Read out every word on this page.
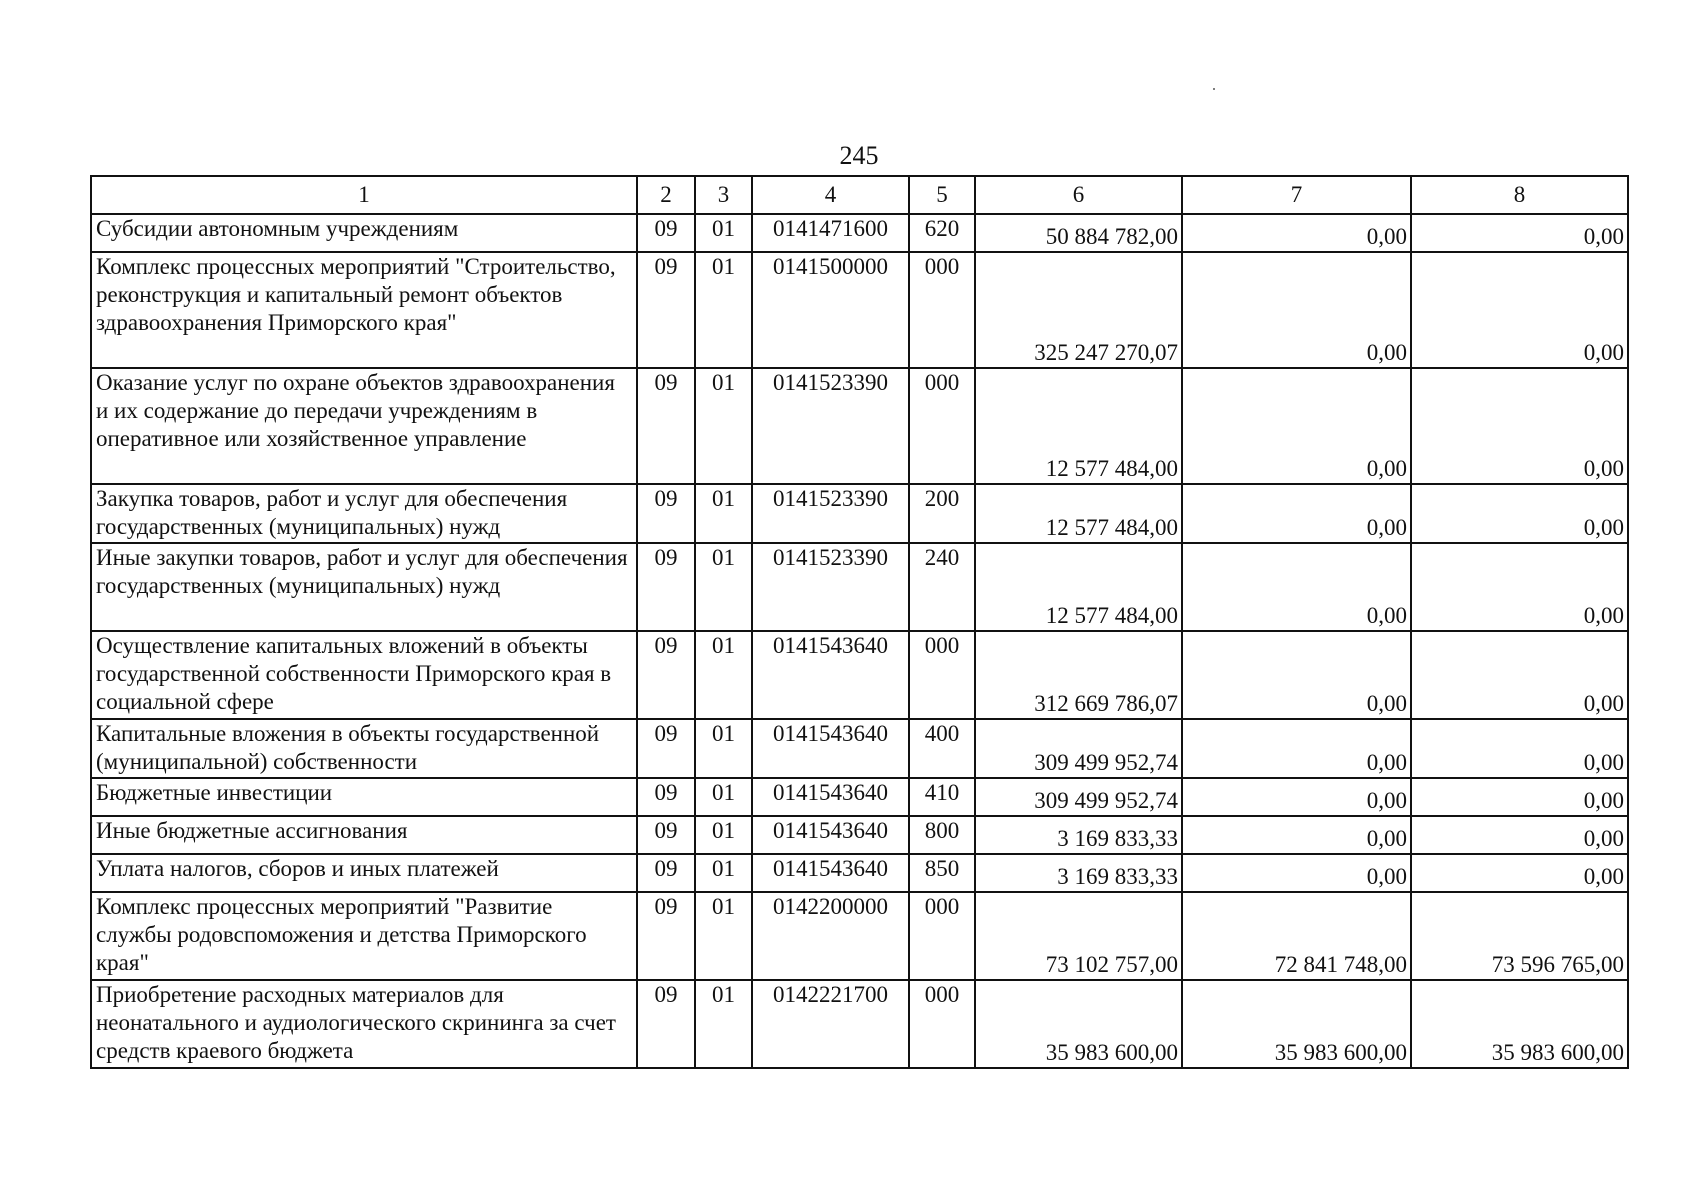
245
1	2	3	4	5	6	7	8
Субсидии автономным учреждениям	09	01	0141471600	620	50 884 782,00	0,00	0,00
Комплекс процессных мероприятий "Строительство, реконструкция и капитальный ремонт объектов здравоохранения Приморского края"	09	01	0141500000	000	325 247 270,07	0,00	0,00
Оказание услуг по охране объектов здравоохранения и их содержание до передачи учреждениям в оперативное или хозяйственное управление	09	01	0141523390	000	12 577 484,00	0,00	0,00
Закупка товаров, работ и услуг для обеспечения государственных (муниципальных) нужд	09	01	0141523390	200	12 577 484,00	0,00	0,00
Иные закупки товаров, работ и услуг для обеспечения государственных (муниципальных) нужд	09	01	0141523390	240	12 577 484,00	0,00	0,00
Осуществление капитальных вложений в объекты государственной собственности Приморского края в социальной сфере	09	01	0141543640	000	312 669 786,07	0,00	0,00
Капитальные вложения в объекты государственной (муниципальной) собственности	09	01	0141543640	400	309 499 952,74	0,00	0,00
Бюджетные инвестиции	09	01	0141543640	410	309 499 952,74	0,00	0,00
Иные бюджетные ассигнования	09	01	0141543640	800	3 169 833,33	0,00	0,00
Уплата налогов, сборов и иных платежей	09	01	0141543640	850	3 169 833,33	0,00	0,00
Комплекс процессных мероприятий "Развитие службы родовспоможения и детства Приморского края"	09	01	0142200000	000	73 102 757,00	72 841 748,00	73 596 765,00
Приобретение расходных материалов для неонатального и аудиологического скрининга за счет средств краевого бюджета	09	01	0142221700	000	35 983 600,00	35 983 600,00	35 983 600,00
